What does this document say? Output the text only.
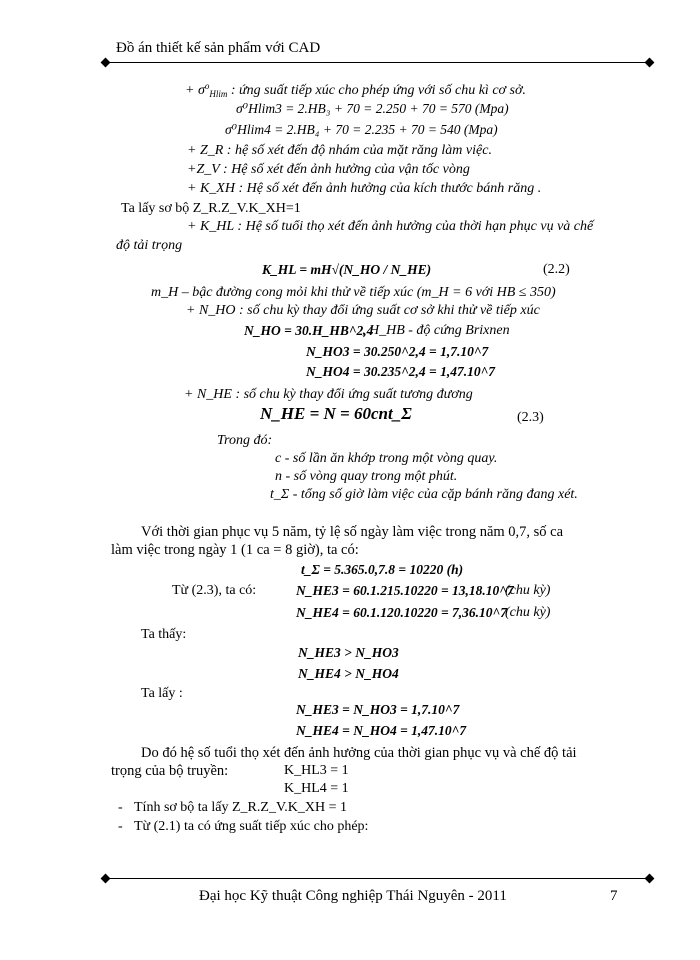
Đồ án thiết kế sản phẩm với CAD
+ $\sigma^o_{Hlim}$ : ứng suất tiếp xúc cho phép ứng với số chu kì cơ sở.
σ⁰Hlim3 = 2.HB₃ + 70 = 2.250 + 70 = 570 (Mpa)
σ⁰Hlim4 = 2.HB₄ + 70 = 2.235 + 70 = 540 (Mpa)
+ Z_R : hệ số xét đến độ nhám của mặt răng làm việc.
+Z_V : Hệ số xét đến ảnh hưởng của vận tốc vòng
+ K_XH : Hệ số xét đến ảnh hưởng của kích thước bánh răng .
Ta lấy sơ bộ Z_R.Z_V.K_XH=1
+ K_HL : Hệ số tuổi thọ xét đến ảnh hưởng của thời hạn phục vụ và chế
độ tải trọng
K_HL = mH√(N_HO / N_HE)	(2.2)
m_H – bậc đường cong mỏi khi thử về tiếp xúc (m_H = 6 với HB ≤ 350)
+ N_HO : số chu kỳ thay đổi ứng suất cơ sở khi thử về tiếp xúc
N_HO = 30.H_HB^2,4
, H_HB - độ cứng Brixnen
N_HO3 = 30.250^2,4 = 1,7.10^7
N_HO4 = 30.235^2,4 = 1,47.10^7
+ N_HE : số chu kỳ thay đổi ứng suất tương đương
N_HE = N = 60cnt_Σ	(2.3)
Trong đó:
c - số lần ăn khớp trong một vòng quay.
n - số vòng quay trong một phút.
t_Σ - tổng số giờ làm việc của cặp bánh răng đang xét.
Với thời gian phục vụ 5 năm, tỷ lệ số ngày làm việc trong năm 0,7, số ca
làm việc trong ngày 1 (1 ca = 8 giờ), ta có:
t_Σ = 5.365.0,7.8 = 10220 (h)
Từ (2.3), ta có:	N_HE3 = 60.1.215.10220 = 13,18.10^7
(chu kỳ)
N_HE4 = 60.1.120.10220 = 7,36.10^7
(chu kỳ)
Ta thấy:
N_HE3 > N_HO3
N_HE4 > N_HO4
Ta lấy :
N_HE3 = N_HO3 = 1,7.10^7
N_HE4 = N_HO4 = 1,47.10^7
Do đó hệ số tuổi thọ xét đến ảnh hưởng của thời gian phục vụ và chế độ tải
trọng của bộ truyền:	K_HL3 = 1
K_HL4 = 1
- Tính sơ bộ ta lấy Z_R.Z_V.K_XH = 1
- Từ (2.1) ta có ứng suất tiếp xúc cho phép:
Đại học Kỹ thuật Công nghiệp Thái Nguyên - 2011	7
